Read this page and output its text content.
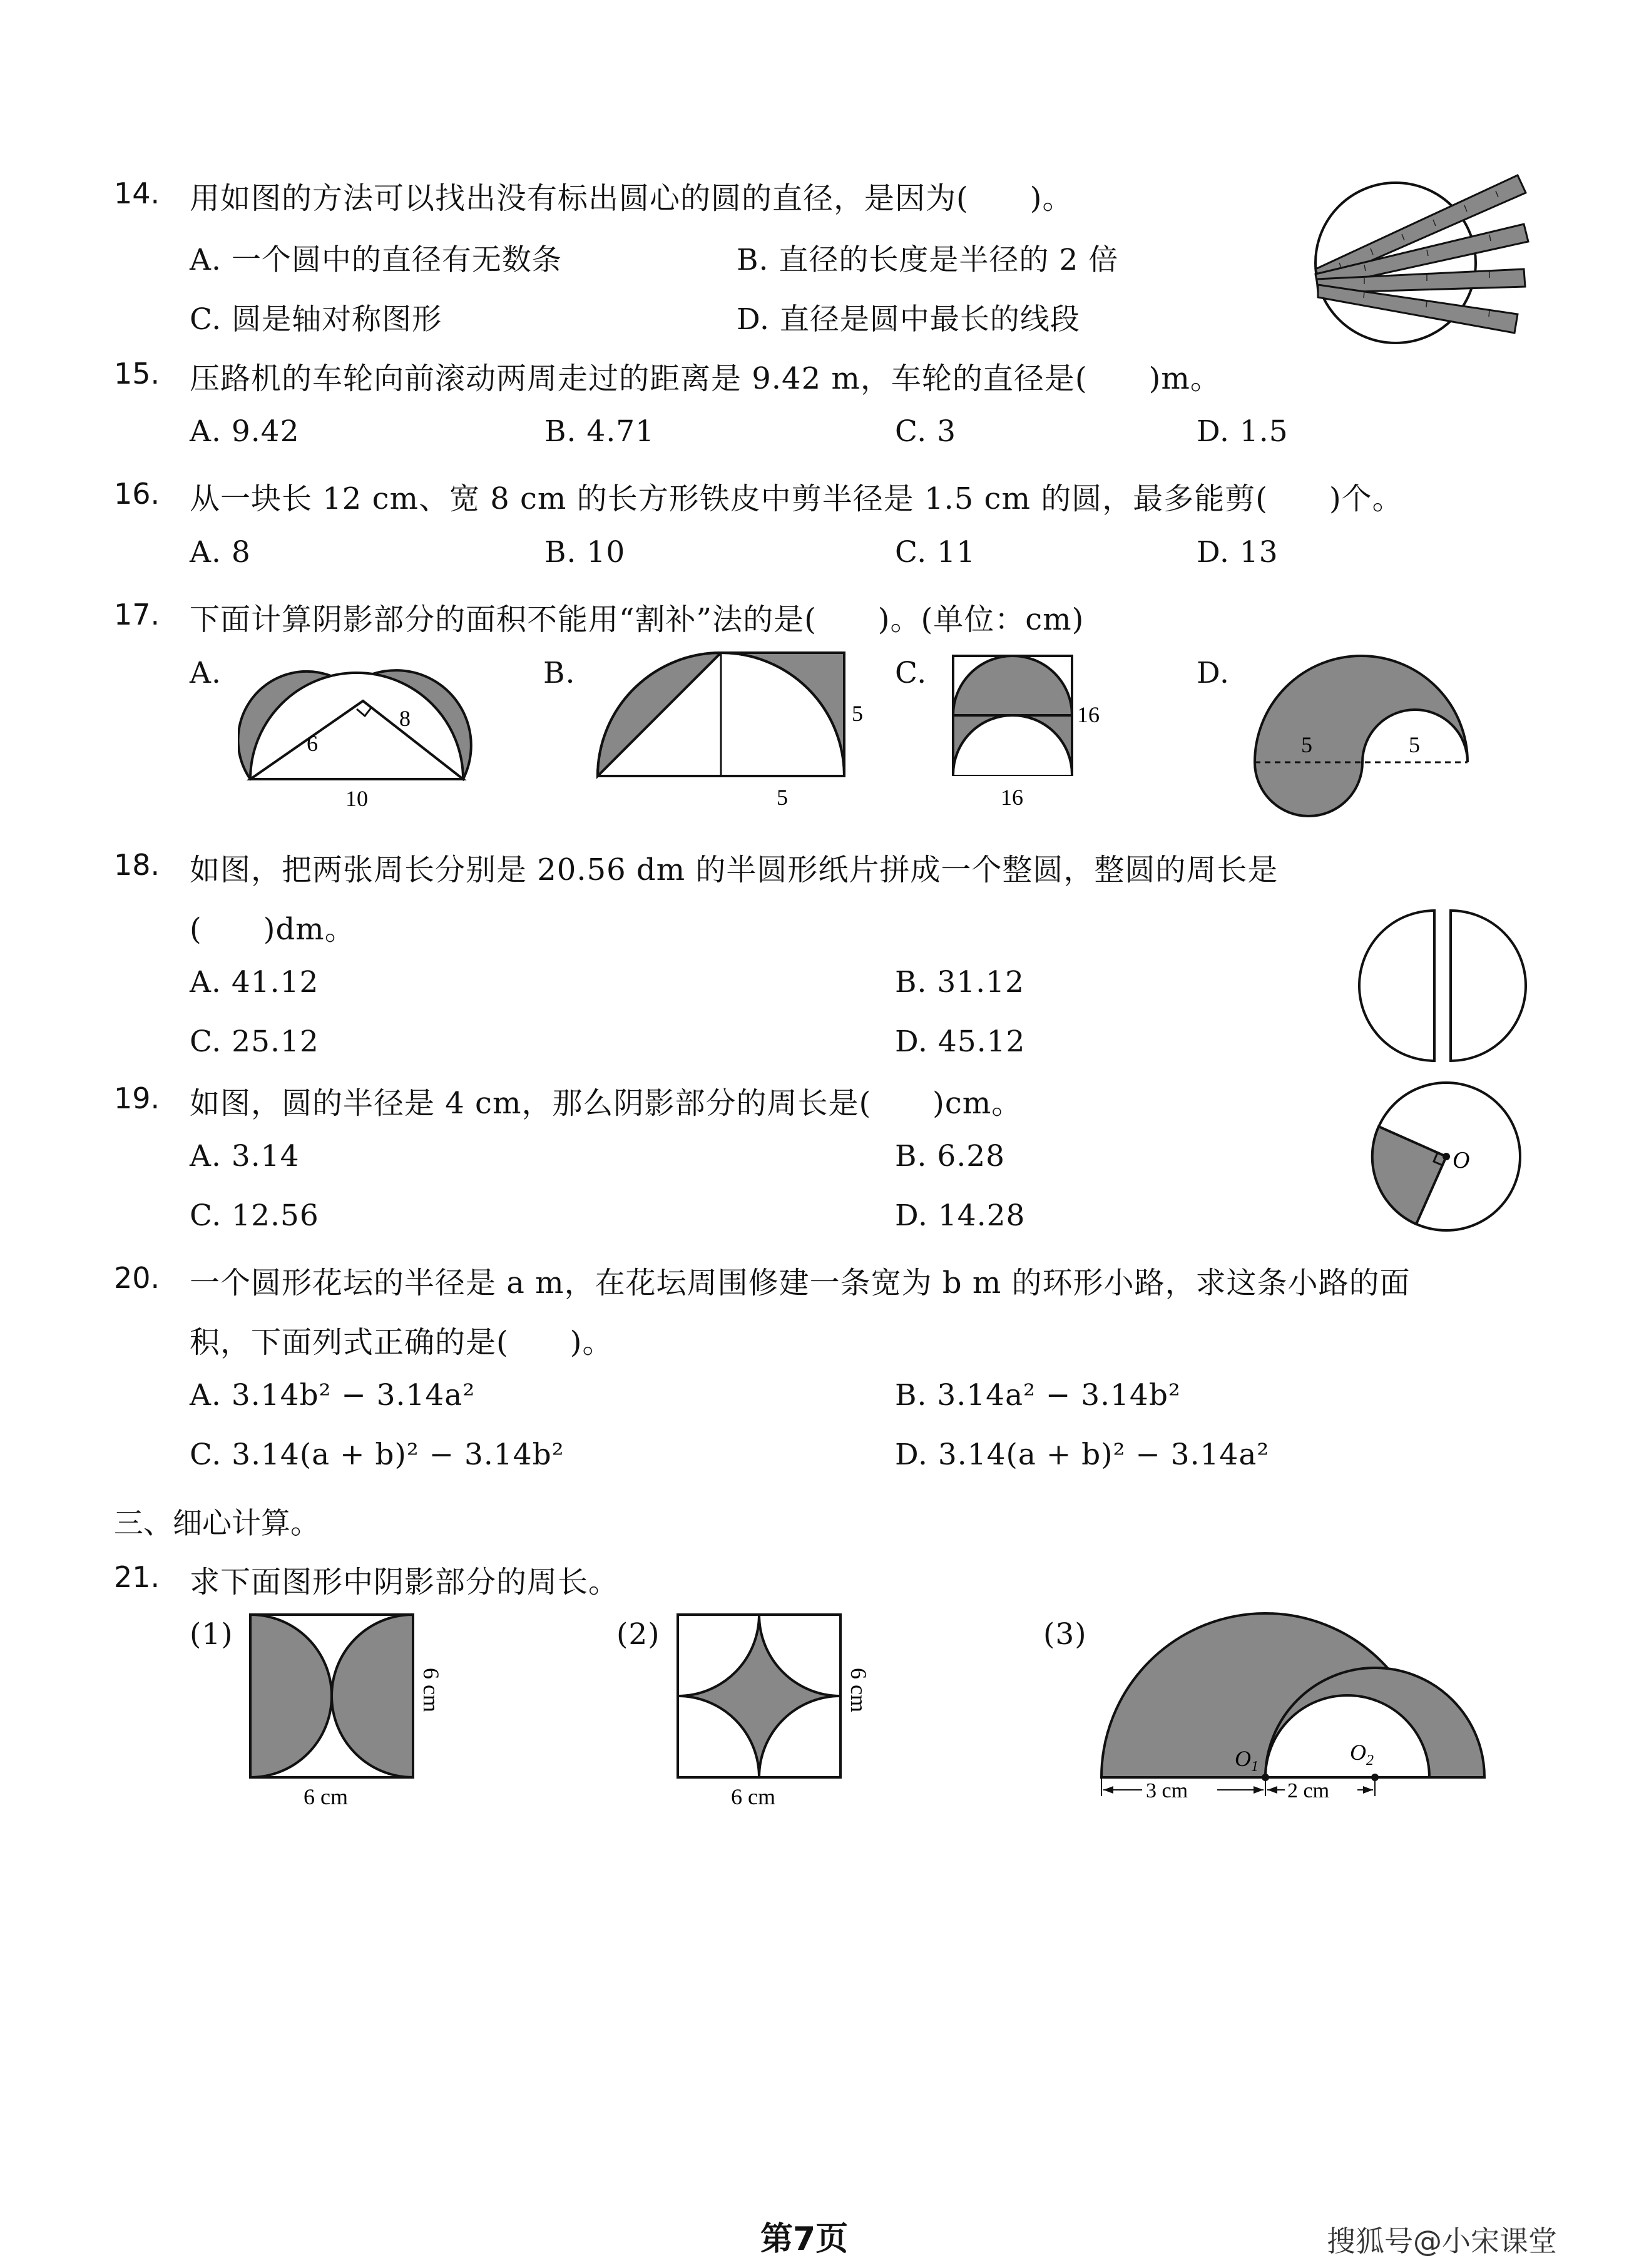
14. 用如图的方法可以找出没有标出圆心的圆的直径，是因为(　　)。
A. 一个圆中的直径有无数条	B. 直径的长度是半径的 2 倍
C. 圆是轴对称图形	D. 直径是圆中最长的线段
15. 压路机的车轮向前滚动两周走过的距离是 9.42 m，车轮的直径是(　　)m。
A. 9.42	B. 4.71	C. 3	D. 1.5
16. 从一块长 12 cm、宽 8 cm 的长方形铁皮中剪半径是 1.5 cm 的圆，最多能剪(　　)个。
A. 8	B. 10	C. 11	D. 13
17. 下面计算阴影部分的面积不能用“割补”法的是(　　)。(单位：cm)
A.	B.	C.	D.
6
8
10
5
5
16
16
5	5
18. 如图，把两张周长分别是 20.56 dm 的半圆形纸片拼成一个整圆，整圆的周长是
(　　)dm。
A. 41.12	B. 31.12
C. 25.12	D. 45.12
19. 如图，圆的半径是 4 cm，那么阴影部分的周长是(　　)cm。
A. 3.14	B. 6.28
C. 12.56	D. 14.28
O
20. 一个圆形花坛的半径是 a m，在花坛周围修建一条宽为 b m 的环形小路，求这条小路的面
积，下面列式正确的是(　　)。
A. 3.14b² − 3.14a²	B. 3.14a² − 3.14b²
C. 3.14(a + b)² − 3.14b²	D. 3.14(a + b)² − 3.14a²
三、细心计算。
21. 求下面图形中阴影部分的周长。
(1)
6 cm
6 cm
(2)
6 cm
6 cm
(3)
$O_1$
$O_2$
3 cm	2 cm
第7页	搜狐号@小宋课堂
